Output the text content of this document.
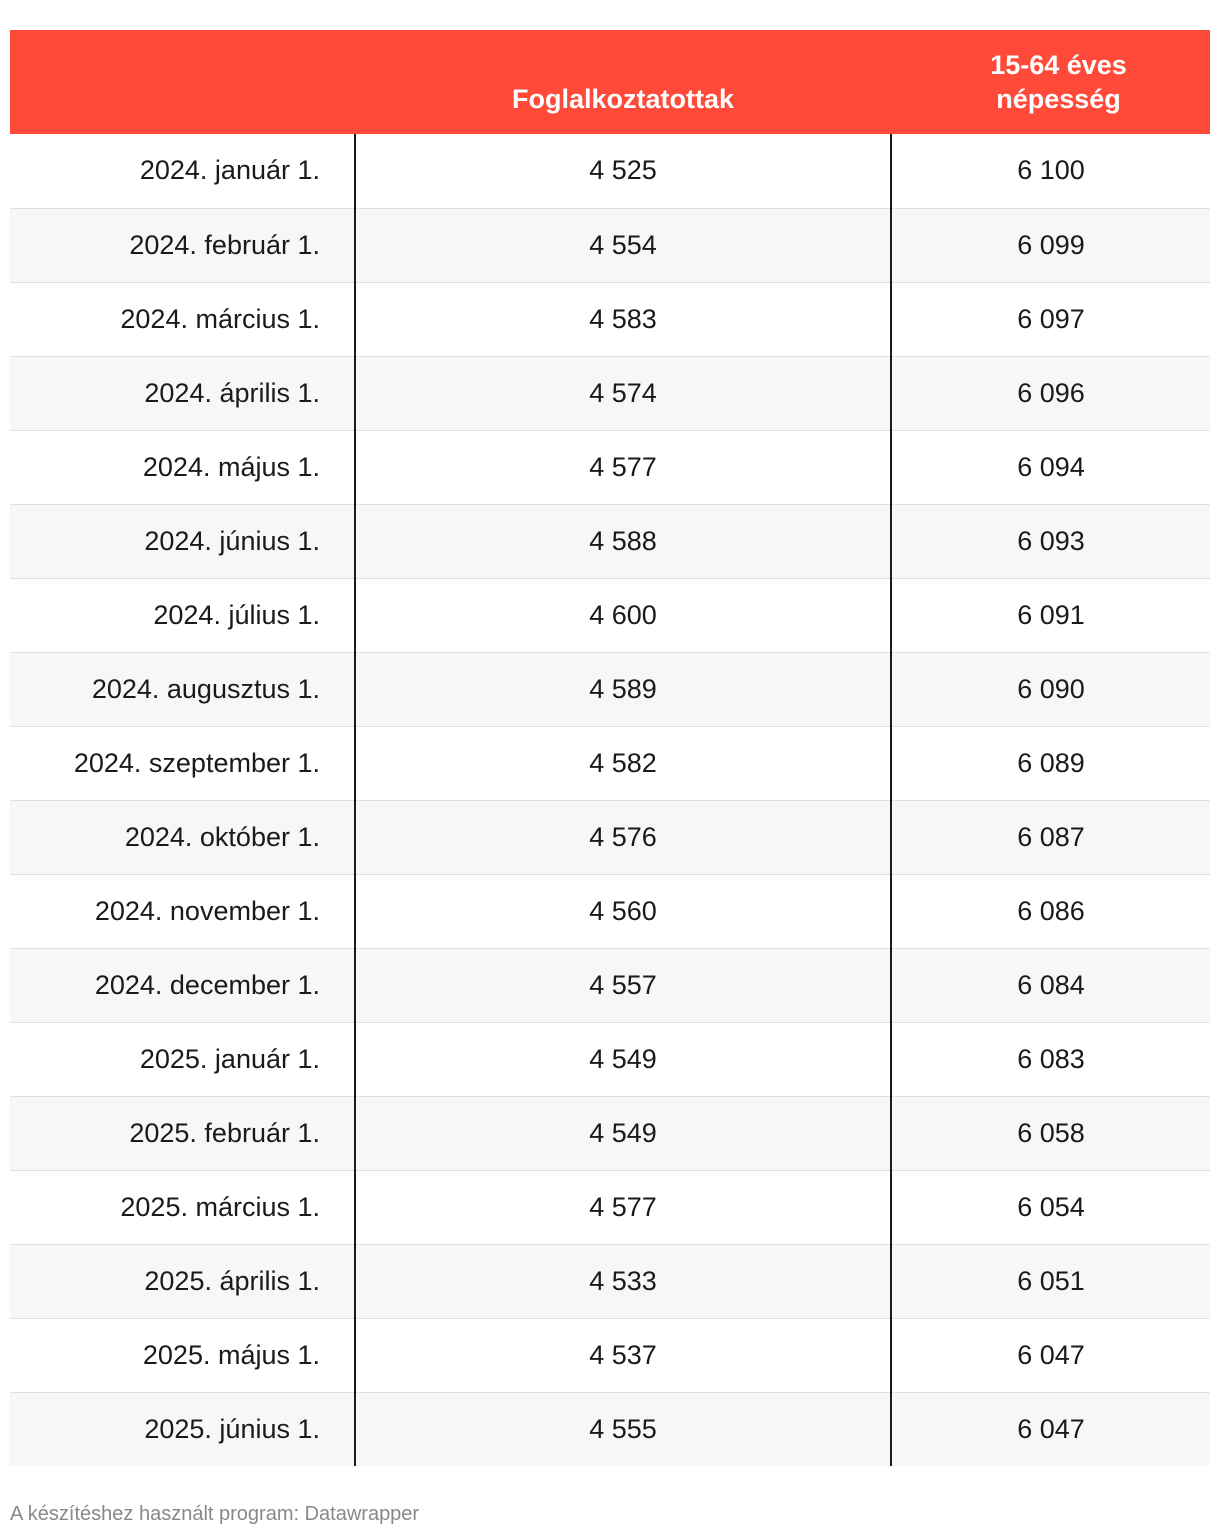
	Foglalkoztatottak	15-64 éves
népesség
2024. január 1.	4 525	6 100
2024. február 1.	4 554	6 099
2024. március 1.	4 583	6 097
2024. április 1.	4 574	6 096
2024. május 1.	4 577	6 094
2024. június 1.	4 588	6 093
2024. július 1.	4 600	6 091
2024. augusztus 1.	4 589	6 090
2024. szeptember 1.	4 582	6 089
2024. október 1.	4 576	6 087
2024. november 1.	4 560	6 086
2024. december 1.	4 557	6 084
2025. január 1.	4 549	6 083
2025. február 1.	4 549	6 058
2025. március 1.	4 577	6 054
2025. április 1.	4 533	6 051
2025. május 1.	4 537	6 047
2025. június 1.	4 555	6 047
A készítéshez használt program: Datawrapper
